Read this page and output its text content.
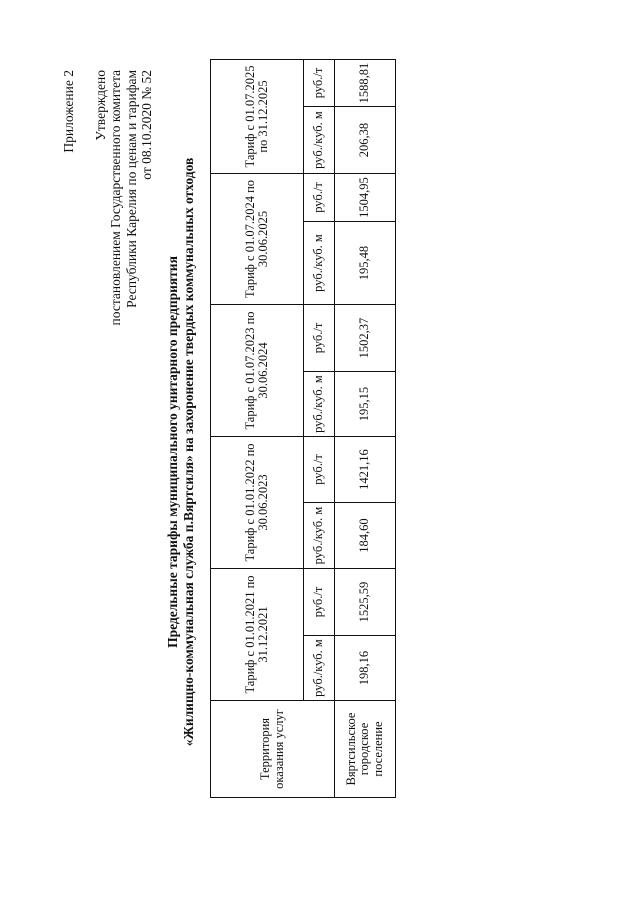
Приложение 2 Утверждено постановлением Государственного комитета Республики Карелия по ценам и тарифам от 08.10.2020 № 52
Предельные тарифы муниципального унитарного предприятия «Жилищно-коммунальная служба п.Вяртсиля» на захоронение твердых коммунальных отходов
Территория оказания услуг	Тариф с 01.01.2021 по 31.12.2021		Тариф с 01.01.2022 по 30.06.2023		Тариф с 01.07.2023 по 30.06.2024		Тариф с 01.07.2024 по 30.06.2025		Тариф с 01.07.2025 по 31.12.2025	
	руб./куб. м	руб./т	руб./куб. м	руб./т	руб./куб. м	руб./т	руб./куб. м	руб./т	руб./куб. м	руб./т
Вяртсильское городское поселение	198,16	1525,59	184,60	1421,16	195,15	1502,37	195,48	1504,95	206,38	1588,81
